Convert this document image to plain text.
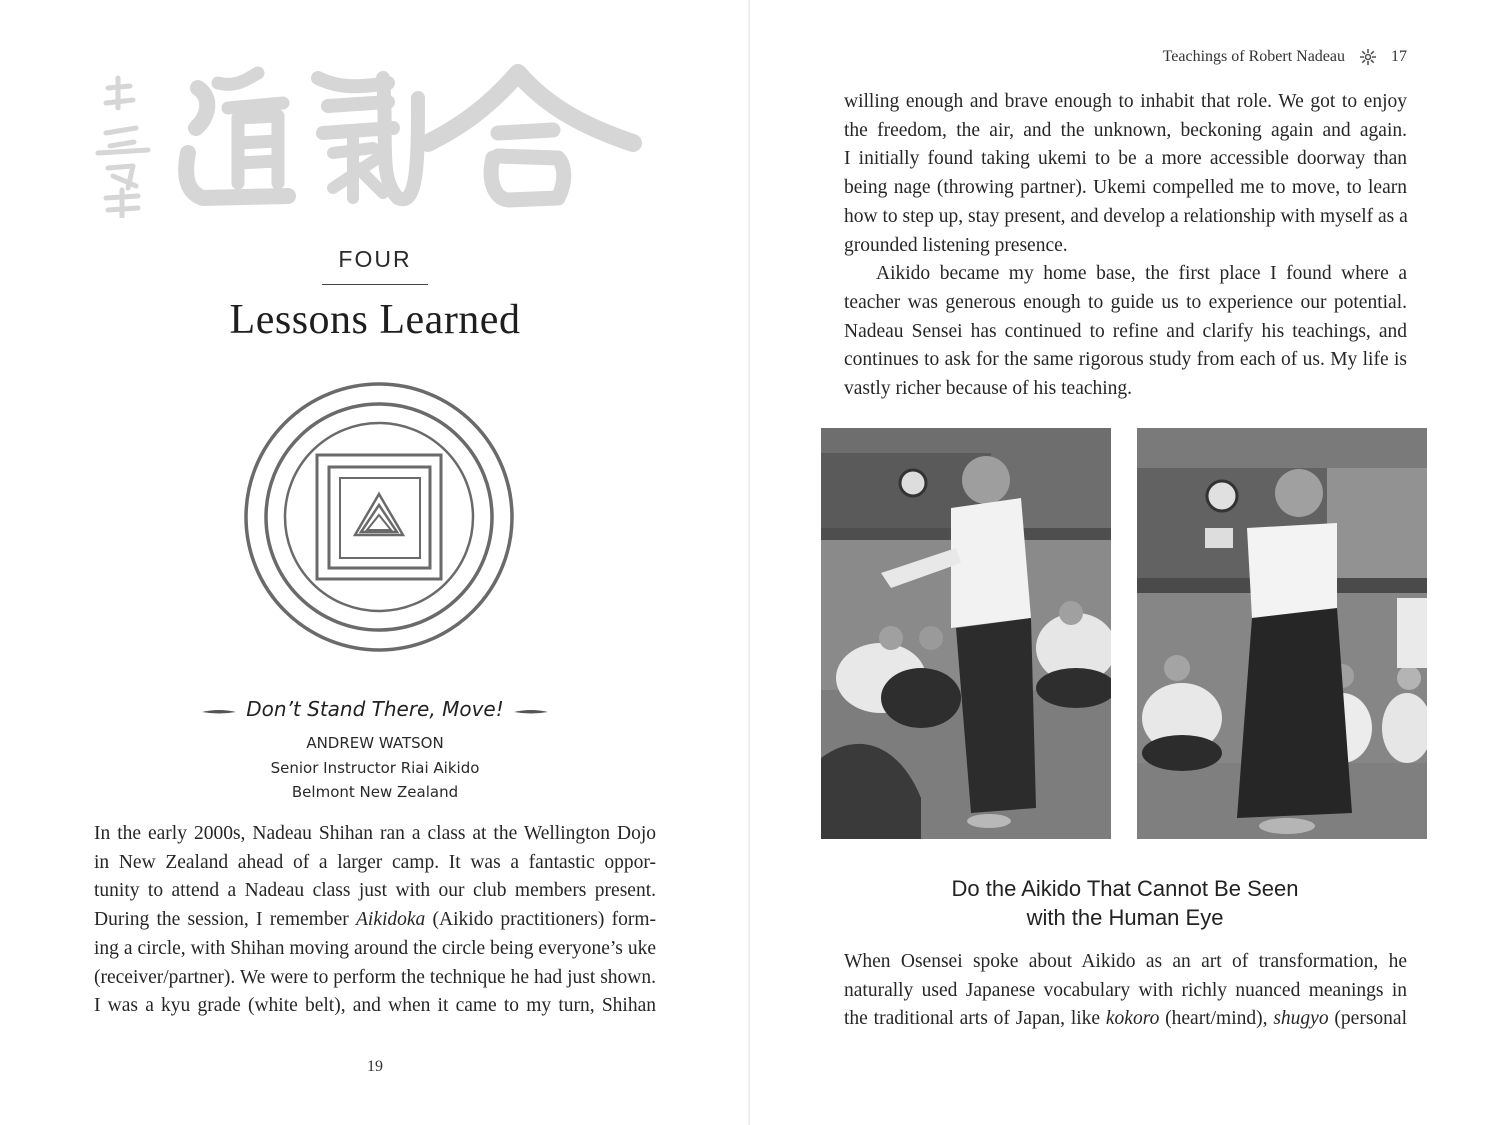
FOUR
Lessons Learned
Don’t Stand There, Move!
ANDREW WATSON
Senior Instructor Riai Aikido
Belmont New Zealand
In the early 2000s, Nadeau Shihan ran a class at the Wellington Dojo
in New Zealand ahead of a larger camp. It was a fantastic oppor-
tunity to attend a Nadeau class just with our club members present.
During the session, I remember Aikidoka (Aikido practitioners) form-
ing a circle, with Shihan moving around the circle being everyone’s uke
(receiver/partner). We were to perform the technique he had just shown.
I was a kyu grade (white belt), and when it came to my turn, Shihan
19
Teachings of Robert Nadeau	17
willing enough and brave enough to inhabit that role. We got to enjoy
the freedom, the air, and the unknown, beckoning again and again.
I initially found taking ukemi to be a more accessible doorway than
being nage (throwing partner). Ukemi compelled me to move, to learn
how to step up, stay present, and develop a relationship with myself as a
grounded listening presence.
Aikido became my home base, the first place I found where a
teacher was generous enough to guide us to experience our potential.
Nadeau Sensei has continued to refine and clarify his teachings, and
continues to ask for the same rigorous study from each of us. My life is
vastly richer because of his teaching.
Do the Aikido That Cannot Be Seen
with the Human Eye
When Osensei spoke about Aikido as an art of transformation, he
naturally used Japanese vocabulary with richly nuanced meanings in
the traditional arts of Japan, like kokoro (heart/mind), shugyo (personal
